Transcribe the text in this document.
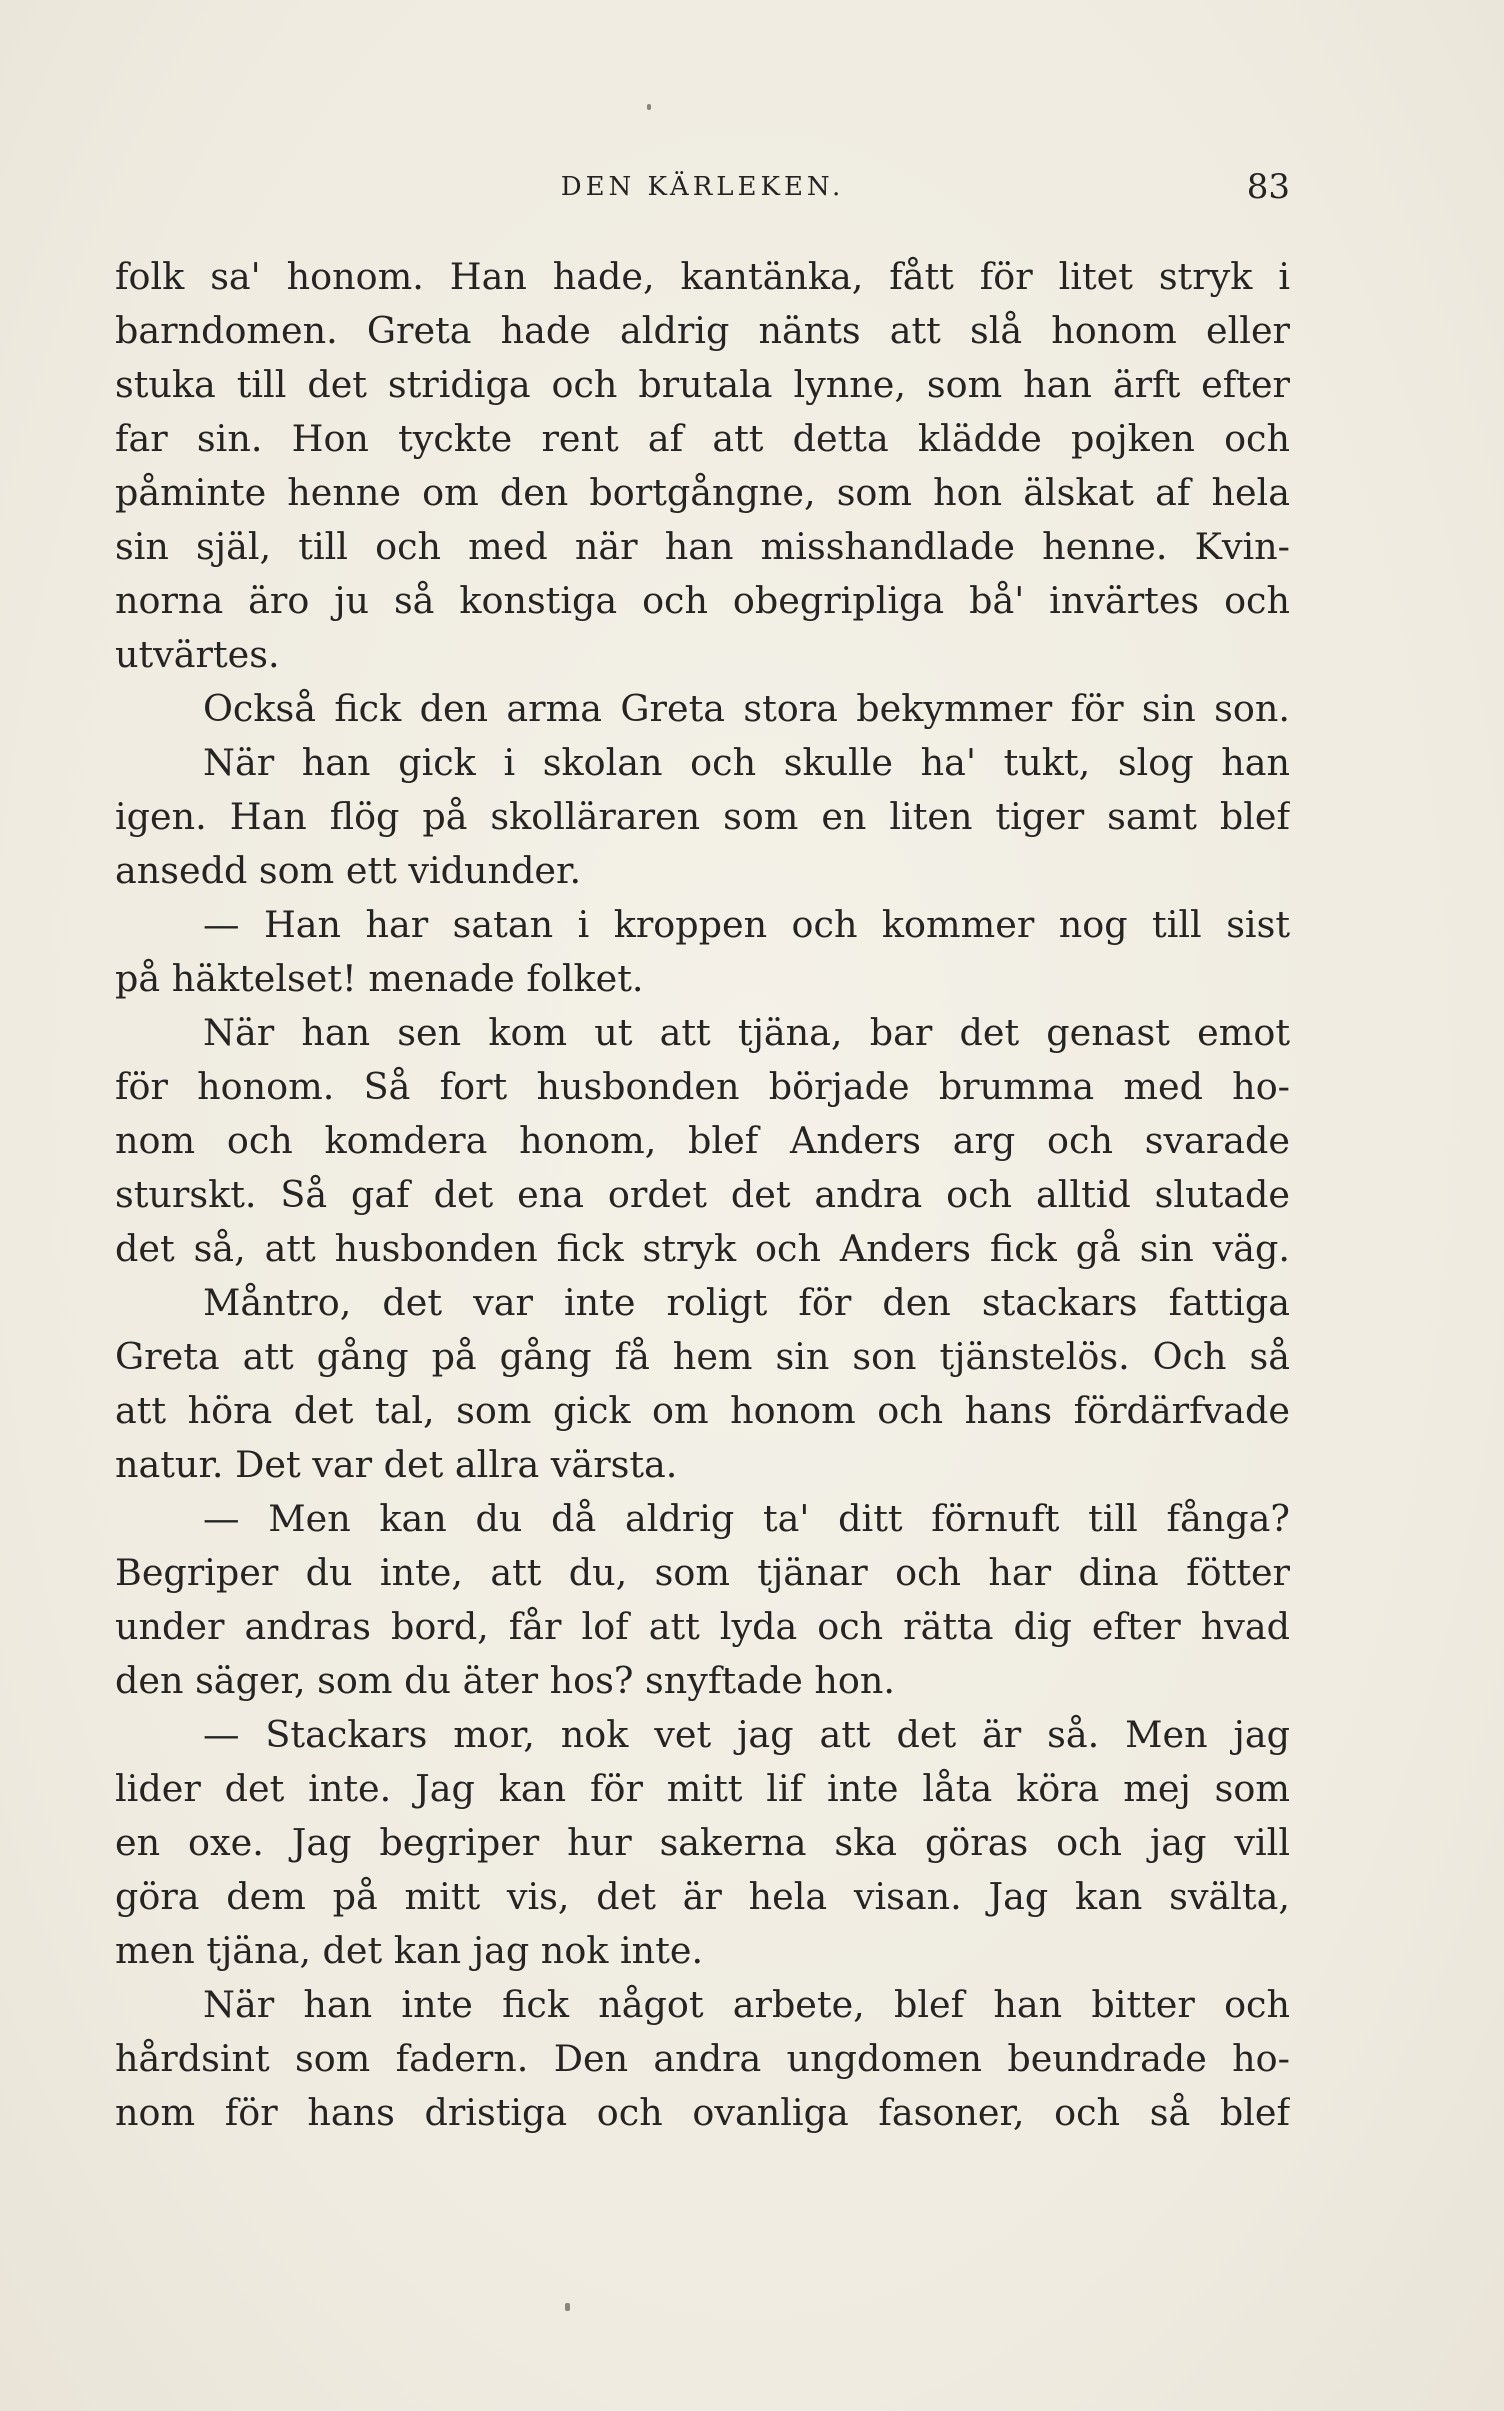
DEN KÄRLEKEN.	83
folk sa' honom. Han hade, kantänka, fått för litet stryk i
barndomen. Greta hade aldrig nänts att slå honom eller
stuka till det stridiga och brutala lynne, som han ärft efter
far sin. Hon tyckte rent af att detta klädde pojken och
påminte henne om den bortgångne, som hon älskat af hela
sin själ, till och med när han misshandlade henne. Kvin-
norna äro ju så konstiga och obegripliga bå' invärtes och
utvärtes.
Också fick den arma Greta stora bekymmer för sin son.
När han gick i skolan och skulle ha' tukt, slog han
igen. Han flög på skolläraren som en liten tiger samt blef
ansedd som ett vidunder.
— Han har satan i kroppen och kommer nog till sist
på häktelset! menade folket.
När han sen kom ut att tjäna, bar det genast emot
för honom. Så fort husbonden började brumma med ho-
nom och komdera honom, blef Anders arg och svarade
sturskt. Så gaf det ena ordet det andra och alltid slutade
det så, att husbonden fick stryk och Anders fick gå sin väg.
Måntro, det var inte roligt för den stackars fattiga
Greta att gång på gång få hem sin son tjänstelös. Och så
att höra det tal, som gick om honom och hans fördärfvade
natur. Det var det allra värsta.
— Men kan du då aldrig ta' ditt förnuft till fånga?
Begriper du inte, att du, som tjänar och har dina fötter
under andras bord, får lof att lyda och rätta dig efter hvad
den säger, som du äter hos? snyftade hon.
— Stackars mor, nok vet jag att det är så. Men jag
lider det inte. Jag kan för mitt lif inte låta köra mej som
en oxe. Jag begriper hur sakerna ska göras och jag vill
göra dem på mitt vis, det är hela visan. Jag kan svälta,
men tjäna, det kan jag nok inte.
När han inte fick något arbete, blef han bitter och
hårdsint som fadern. Den andra ungdomen beundrade ho-
nom för hans dristiga och ovanliga fasoner, och så blef
